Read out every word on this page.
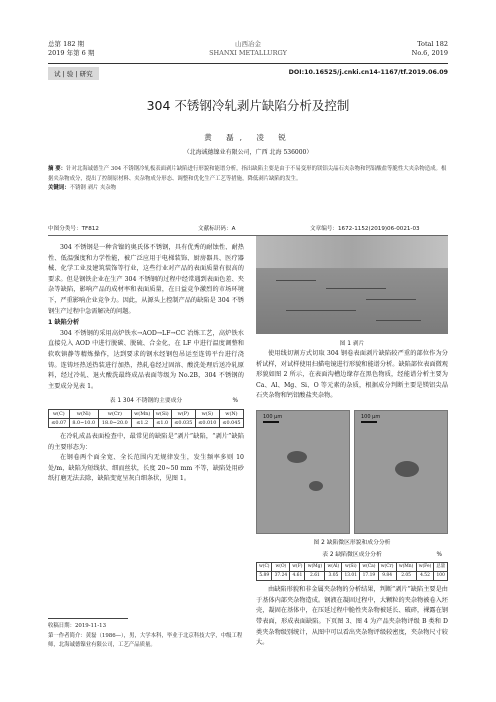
总第 182 期
2019 年第 6 期
山西冶金
SHANXI METALLURGY
Total 182
No.6, 2019
试 | 验 | 研究	DOI:10.16525/j.cnki.cn14-1167/tf.2019.06.09
304 不锈钢冷轧剥片缺陷分析及控制
黄 磊, 凌 锐
（北海诚德镍业有限公司，广西 北海 536000）
摘 要：针对北海诚德生产 304 不锈钢冷轧板表面剥片缺陷进行形貌和能谱分析，指出缺陷主要是由于不易变形的镁铝尖晶石夹杂物和钙铝酸盐等脆性大夹杂物造成。根据夹杂物成分，提出了控制原材料、夹杂物成分形态、调整和优化生产工艺等措施，降低剥片缺陷的发生。
关键词：不锈钢 剥片 夹杂物
中图分类号：TF812	文献标识码：A	文章编号：1672-1152(2019)06-0021-03

304 不锈钢是一种含镍的奥氏体不锈钢，具有优秀的耐蚀性、耐热性、低温强度和力学性能，被广泛应用于电梯装饰、厨房器具、医疗器械、化学工业及建筑装饰等行业，这些行业对产品的表面质量有很高的要求。但是钢铁企业在生产 304 不锈钢的过程中经常遇到表面色差、夹杂等缺陷，影响产品的成材率和表面质量，在日益竞争激烈的市场环境下，严重影响企业竞争力。因此，从源头上控制产品的缺陷是 304 不锈钢生产过程中急需解决的问题。

1 缺陷分析

304 不锈钢的采用高炉铁水→AOD→LF→CC 冶炼工艺，高炉铁水直接兑入 AOD 中进行脱碳、脱硫、合金化，在 LF 中进行温度调整和软吹镇静等精炼操作，达到要求的钢水经钢包吊运至连铸平台进行浇铸。连铸坯热送热装进行加热，热轧卷经过固溶、酸洗处理后送冷轧原料，经过冷轧、退火酸洗最终成品表面等级为 No.2B，304 不锈钢的主要成分见表 1。

表 1 304 不锈钢的主要成分	%
w(C)	w(Ni)	w(Cr)	w(Mn)	w(Si)	w(P)	w(S)	w(N)
≤0.07	8.0~10.0	18.0~20.0	≤1.2	≤1.0	≤0.035	≤0.010	≤0.045

在冷轧成品表面检查中，最常见的缺陷是“剥片”缺陷，“剥片”缺陷的主要形态为：

在钢卷两个面全宽、全长范围内无规律发生，发生频率多则 10 处/m，缺陷为短线状、细而丝状，长度 20~50 mm 不等，缺陷处用砂纸打磨无法去除，缺陷变宽呈灰白细条状，见图 1。

收稿日期：2019-11-13
第一作者简介：黄磊（1986—），男，大学本科，毕业于北京科技大学，中级工程师，北海诚德镍业有限公司，工艺产品质量。
图 1 剥片

使用线切割方式切取 304 钢卷表面剥片缺陷较严重的部位作为分析试样，对试样使用扫描电镜进行形貌和能谱分析。缺陷部位表面微观形貌如图 2 所示，在表面沟槽边缘存在黑色物质，经能谱分析主要为 Ca、Al、Mg、Si、O 等元素的杂质，根据成分判断主要是镁铝尖晶石夹杂物和钙铝酸盐夹杂物。

100 μm	100 μm
图 2 缺陷微区形貌和成分分析
表 2 缺陷微区成分分析	%
w(C)	w(O)	w(F)	w(Mg)	w(Al)	w(Si)	w(Ca)	w(Cr)	w(Mn)	w(Fe)	总量
5.89	37.24	4.61	2.61	3.05	13.01	17.19	9.84	2.05	4.52	100

由缺陷形貌和非金属夹杂物的分析结果，判断“剥片”缺陷主要是由于基体内部夹杂物造成。钢液在凝固过程中，大颗粒的夹杂物被卷入坯壳，凝固在基体中，在压延过程中脆性夹杂物被延长、破碎，裸露在钢带表面，形成表面缺陷。下页图 3、图 4 为产品夹杂物评级 B 类和 D 类夹杂物级别统计，从图中可以看出夹杂物评级较密度，夹杂物尺寸较大。
